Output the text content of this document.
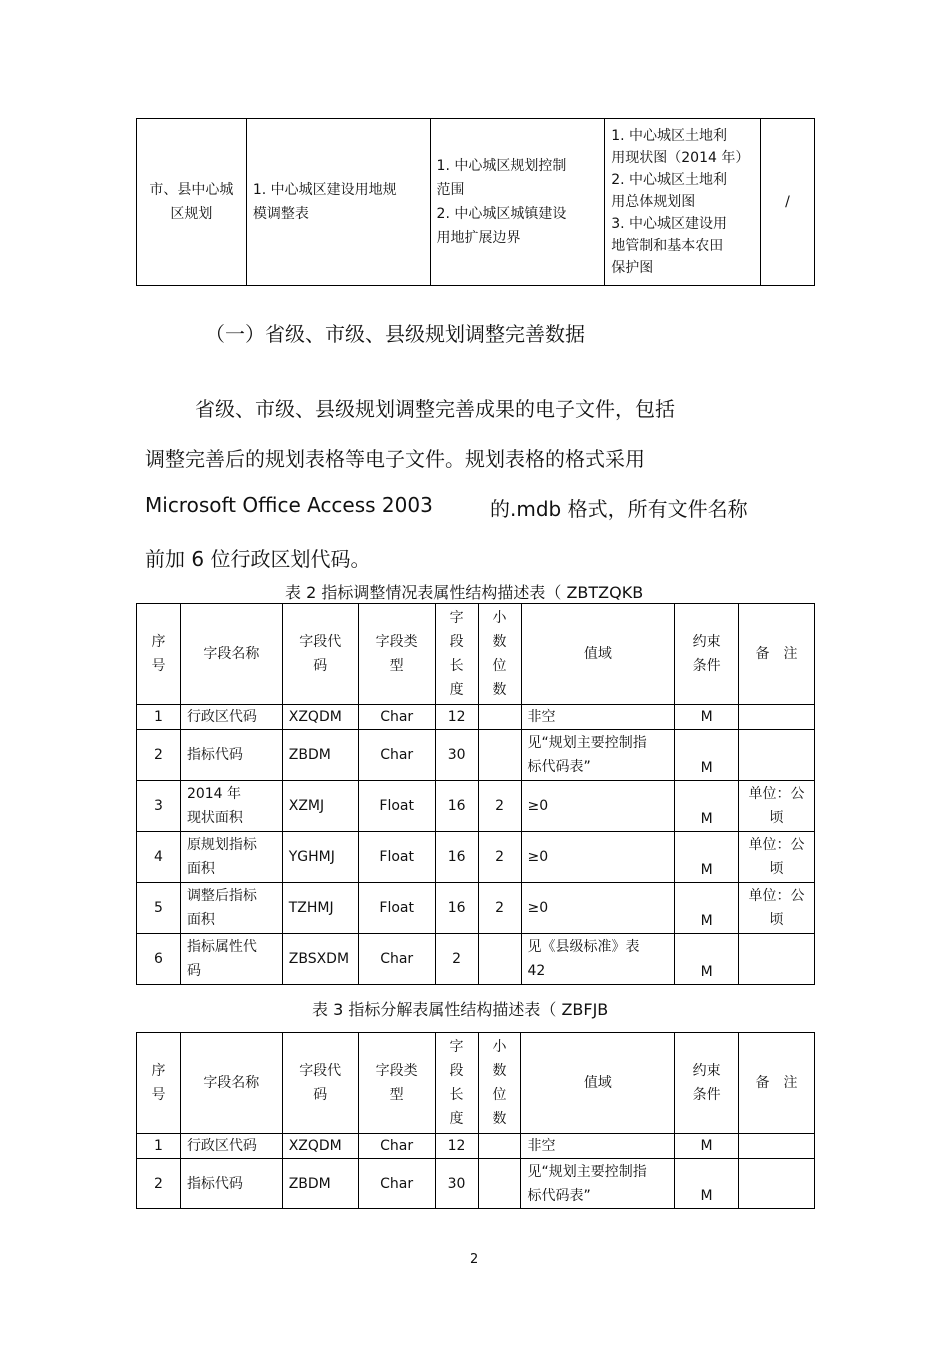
市、县中心城
区规划	1. 中心城区建设用地规
模调整表	1. 中心城区规划控制
范围
2. 中心城区城镇建设
用地扩展边界	1. 中心城区土地利
用现状图（2014 年）
2. 中心城区土地利
用总体规划图
3. 中心城区建设用
地管制和基本农田
保护图	/
（一）省级、市级、县级规划调整完善数据
省级、市级、县级规划调整完善成果的电子文件，包括
调整完善后的规划表格等电子文件。规划表格的格式采用
Microsoft Office Access 2003	的.mdb 格式，所有文件名称
前加 6 位行政区划代码。
表 2 指标调整情况表属性结构描述表（ ZBTZQKB
序
号	字段名称	字段代
码	字段类
型	字
段
长
度	小
数
位
数	值域	约束
条件	备　注
1	行政区代码	XZQDM	Char	12		非空	M	
2	指标代码	ZBDM	Char	30		见“规划主要控制指
标代码表”	M	
3	2014 年
现状面积	XZMJ	Float	16	2	≥0	M	单位：公
顷
4	原规划指标
面积	YGHMJ	Float	16	2	≥0	M	单位：公
顷
5	调整后指标
面积	TZHMJ	Float	16	2	≥0	M	单位：公
顷
6	指标属性代
码	ZBSXDM	Char	2		见《县级标准》表
42	M	
表 3 指标分解表属性结构描述表（ ZBFJB
序
号	字段名称	字段代
码	字段类
型	字
段
长
度	小
数
位
数	值域	约束
条件	备　注
1	行政区代码	XZQDM	Char	12		非空	M	
2	指标代码	ZBDM	Char	30		见“规划主要控制指
标代码表”	M	
2
